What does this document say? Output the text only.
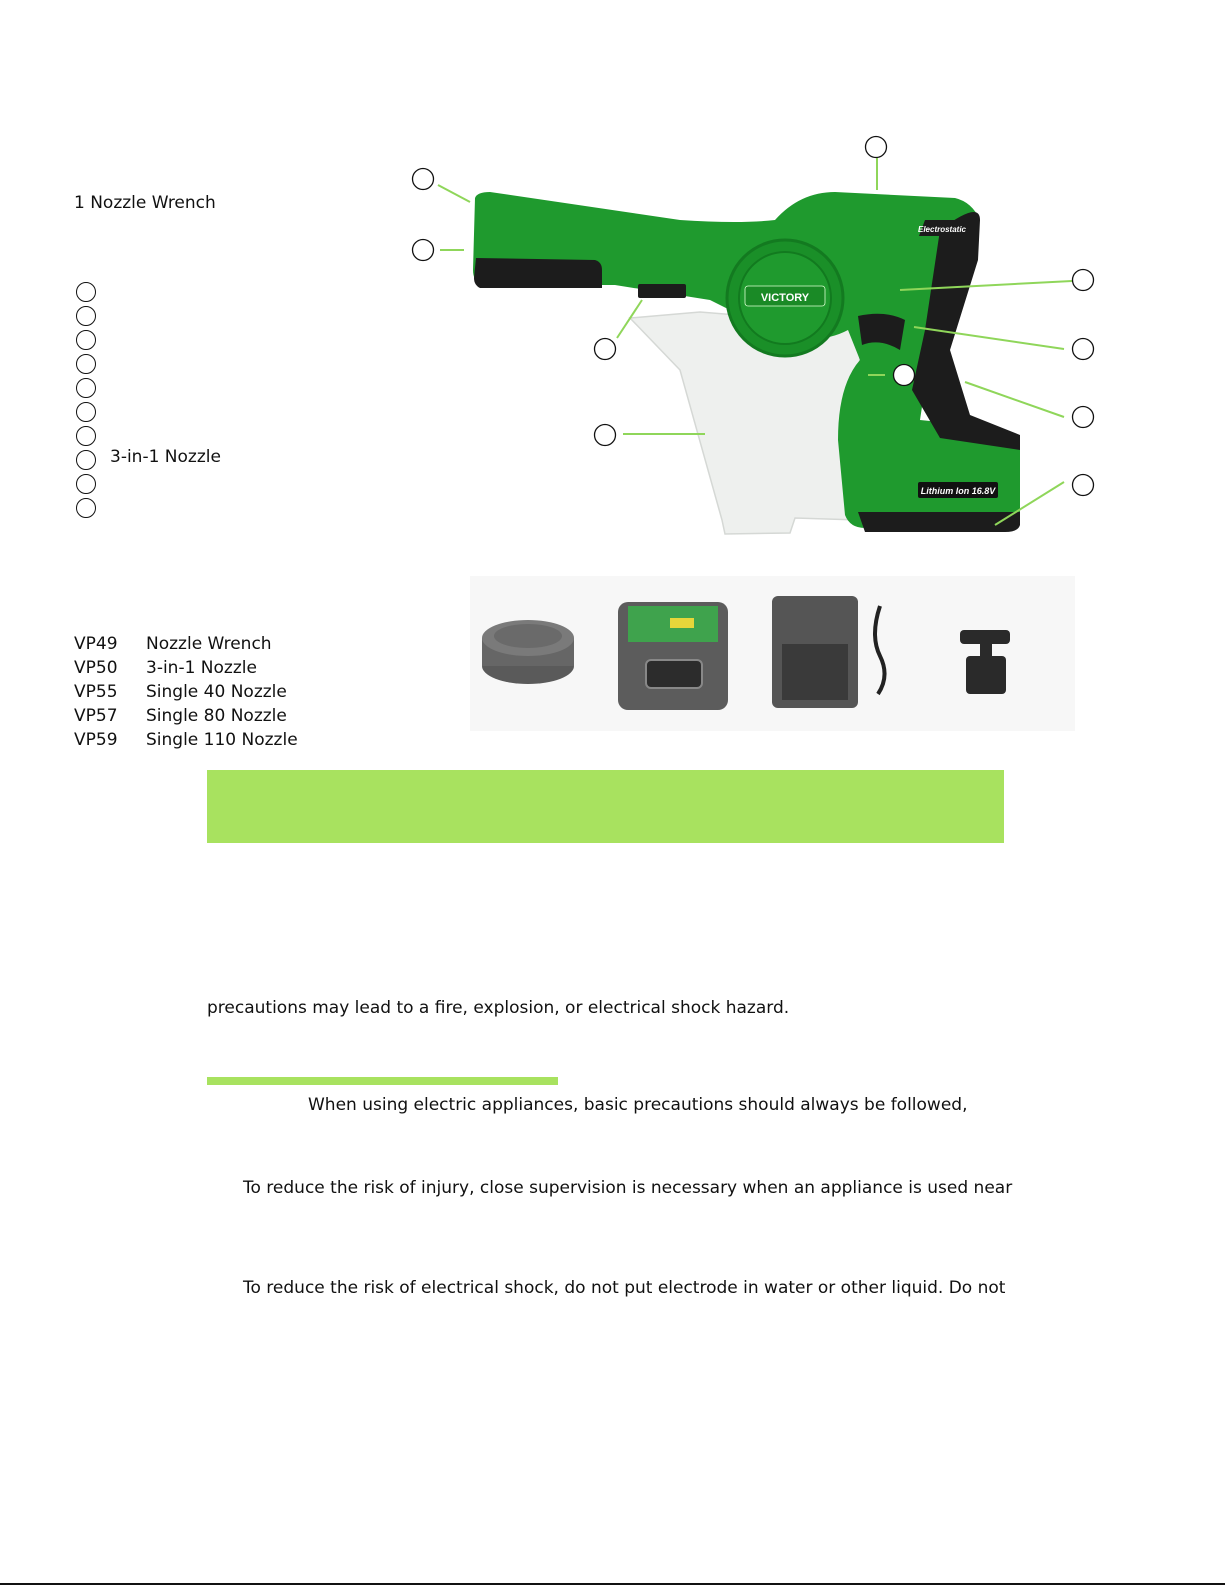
1 Nozzle Wrench
3-in-1 Nozzle
VICTORY
Electrostatic
Lithium Ion 16.8V
VP49 Nozzle Wrench
VP50 3-in-1 Nozzle
VP55 Single 40 Nozzle
VP57 Single 80 Nozzle
VP59 Single 110 Nozzle
precautions may lead to a fire, explosion, or electrical shock hazard.
When using electric appliances, basic precautions should always be followed,
To reduce the risk of injury, close supervision is necessary when an appliance is used near
To reduce the risk of electrical shock, do not put electrode in water or other liquid. Do not
